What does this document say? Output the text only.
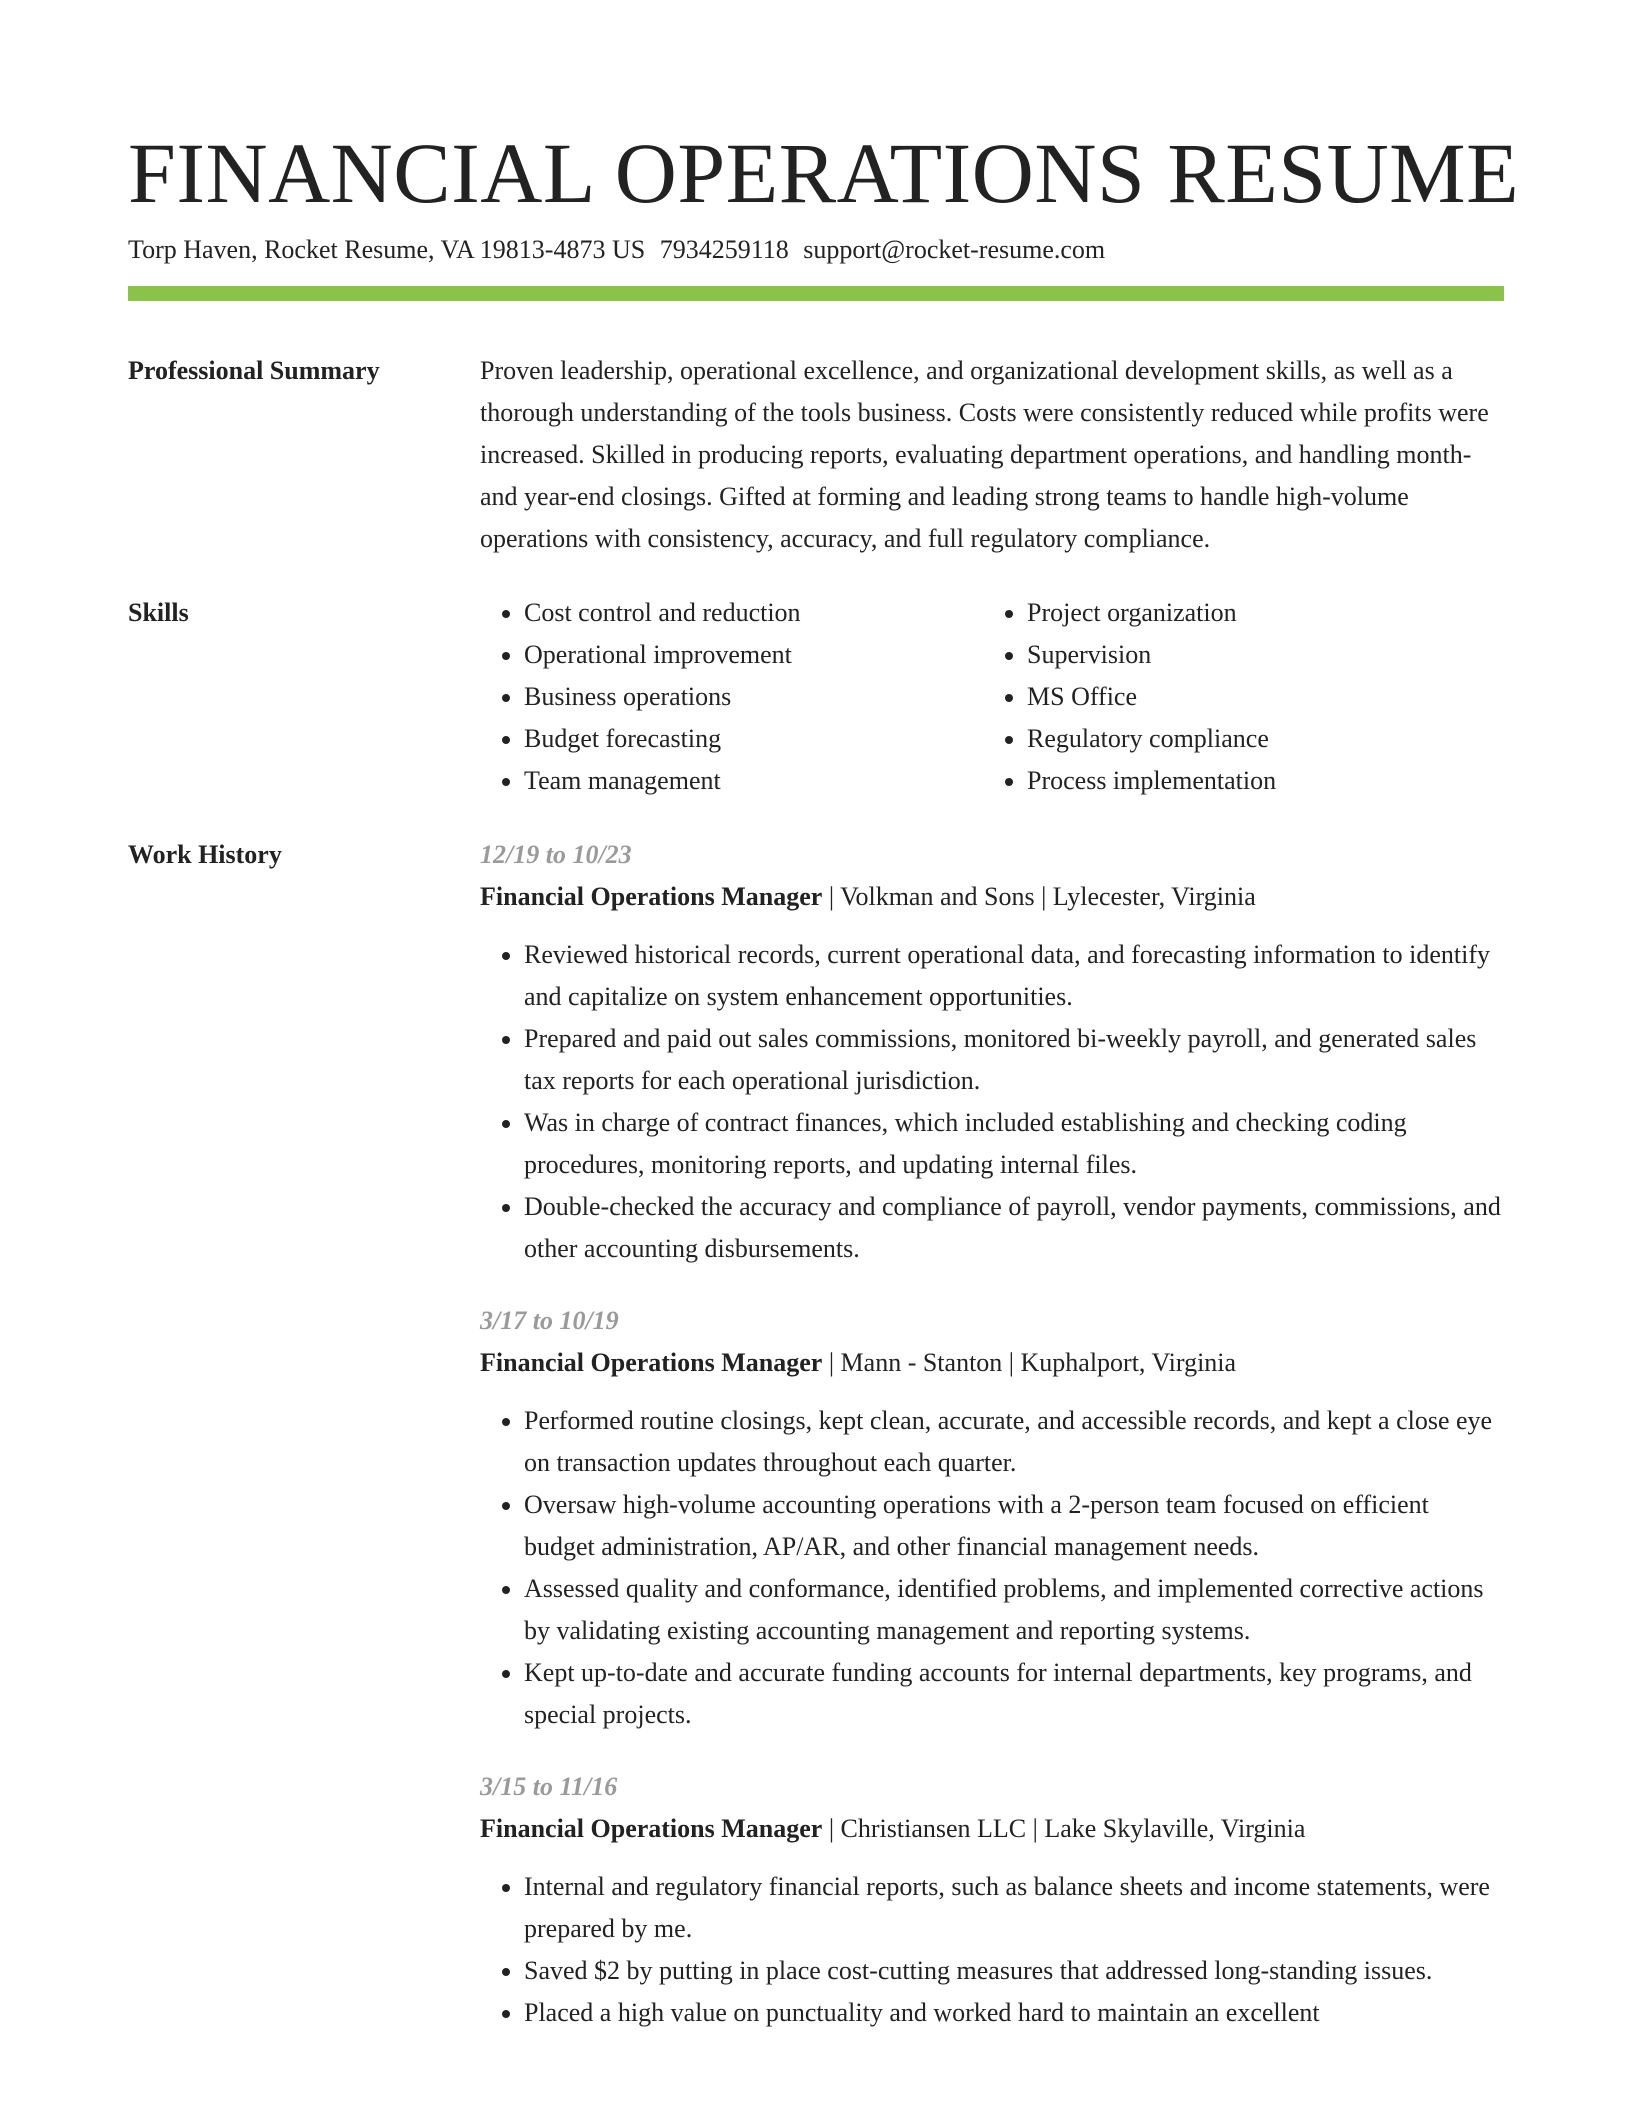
FINANCIAL OPERATIONS RESUME
Torp Haven, Rocket Resume, VA 19813-4873 US 7934259118 support@rocket-resume.com
Professional Summary	Proven leadership, operational excellence, and organizational development skills, as well as a thorough understanding of the tools business. Costs were consistently reduced while profits were increased. Skilled in producing reports, evaluating department operations, and handling month- and year-end closings. Gifted at forming and leading strong teams to handle high-volume operations with consistency, accuracy, and full regulatory compliance.

Skills
•	Cost control and reduction
• Operational improvement
• Business operations
• Budget forecasting
• Team management
• Project organization
• Supervision
• MS Office
• Regulatory compliance
• Process implementation
Work History	12/19 to 10/23

Financial Operations Manager | Volkman and Sons | Lylecester, Virginia

• Reviewed historical records, current operational data, and forecasting information to identify and capitalize on system enhancement opportunities.
• Prepared and paid out sales commissions, monitored bi-weekly payroll, and generated sales tax reports for each operational jurisdiction.
• Was in charge of contract finances, which included establishing and checking coding procedures, monitoring reports, and updating internal files.
• Double-checked the accuracy and compliance of payroll, vendor payments, commissions, and other accounting disbursements.

3/17 to 10/19

Financial Operations Manager | Mann - Stanton | Kuphalport, Virginia

• Performed routine closings, kept clean, accurate, and accessible records, and kept a close eye on transaction updates throughout each quarter.
• Oversaw high-volume accounting operations with a 2-person team focused on efficient budget administration, AP/AR, and other financial management needs.
• Assessed quality and conformance, identified problems, and implemented corrective actions by validating existing accounting management and reporting systems.
• Kept up-to-date and accurate funding accounts for internal departments, key programs, and special projects.

3/15 to 11/16

Financial Operations Manager | Christiansen LLC | Lake Skylaville, Virginia

• Internal and regulatory financial reports, such as balance sheets and income statements, were prepared by me.
• Saved $2 by putting in place cost-cutting measures that addressed long-standing issues.
• Placed a high value on punctuality and worked hard to maintain an excellent
